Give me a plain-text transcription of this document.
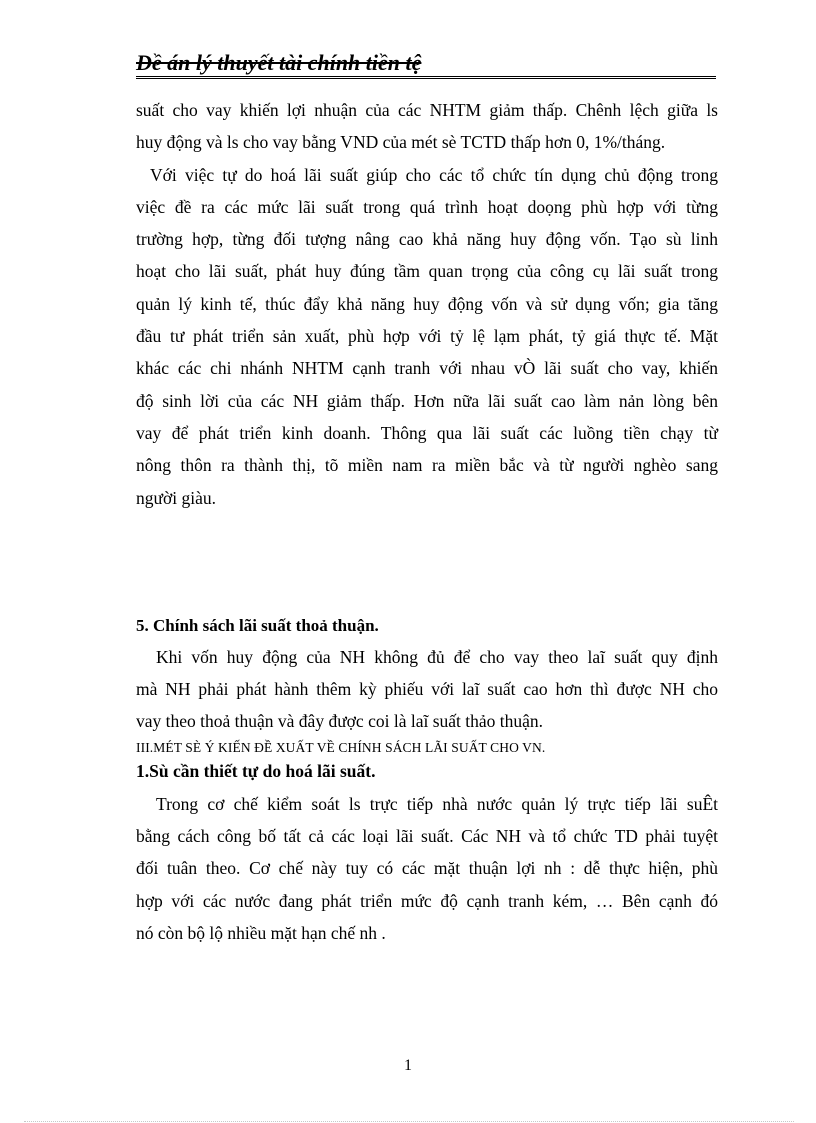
Đề án lý thuyết tài chính tiền tệ

suất cho vay khiến lợi nhuận của các NHTM giảm thấp. Chênh lệch giữa ls
huy động và ls cho vay bằng VND của mét sè TCTD thấp hơn 0, 1%/tháng.

Với việc tự do hoá lãi suất giúp cho các tổ chức tín dụng chủ động trong
việc đề ra các mức lãi suất trong quá trình hoạt doọng phù hợp với từng
trường hợp, từng đối tượng nâng cao khả năng huy động vốn. Tạo sù linh
hoạt cho lãi suất, phát huy đúng tầm quan trọng của công cụ lãi suất trong
quản lý kinh tế, thúc đẩy khả năng huy động vốn và sử dụng vốn; gia tăng
đầu tư phát triển sản xuất, phù hợp với tỷ lệ lạm phát, tỷ giá thực tế. Mặt
khác các chi nhánh NHTM cạnh tranh với nhau vÒ lãi suất cho vay, khiến
độ sinh lời của các NH giảm thấp. Hơn nữa lãi suất cao làm nản lòng bên
vay để phát triển kinh doanh. Thông qua lãi suất các luồng tiền chạy từ
nông thôn ra thành thị, tõ miền nam ra miền bắc và từ người nghèo sang
người giàu.

5. Chính sách lãi suất thoả thuận.

Khi vốn huy động của NH không đủ để cho vay theo laĩ suất quy định
mà NH phải phát hành thêm kỳ phiếu với laĩ suất cao hơn thì được NH cho
vay theo thoả thuận và đây được coi là laĩ suất thảo thuận.

III.MÉT SÈ Ý KIẾN ĐỀ XUẤT VỀ CHÍNH SÁCH LÃI SUẤT CHO VN.

1.Sù cần thiết tự do hoá lãi suất.

Trong cơ chế kiểm soát ls trực tiếp nhà nước quản lý trực tiếp lãi suÊt
bằng cách công bố tất cả các loại lãi suất. Các NH và tổ chức TD phải tuyệt
đối tuân theo. Cơ chế này tuy có các mặt thuận lợi nh : dễ thực hiện, phù
hợp với các nước đang phát triển mức độ cạnh tranh kém, … Bên cạnh đó
nó còn bộ lộ nhiều mặt hạn chế nh .

1
